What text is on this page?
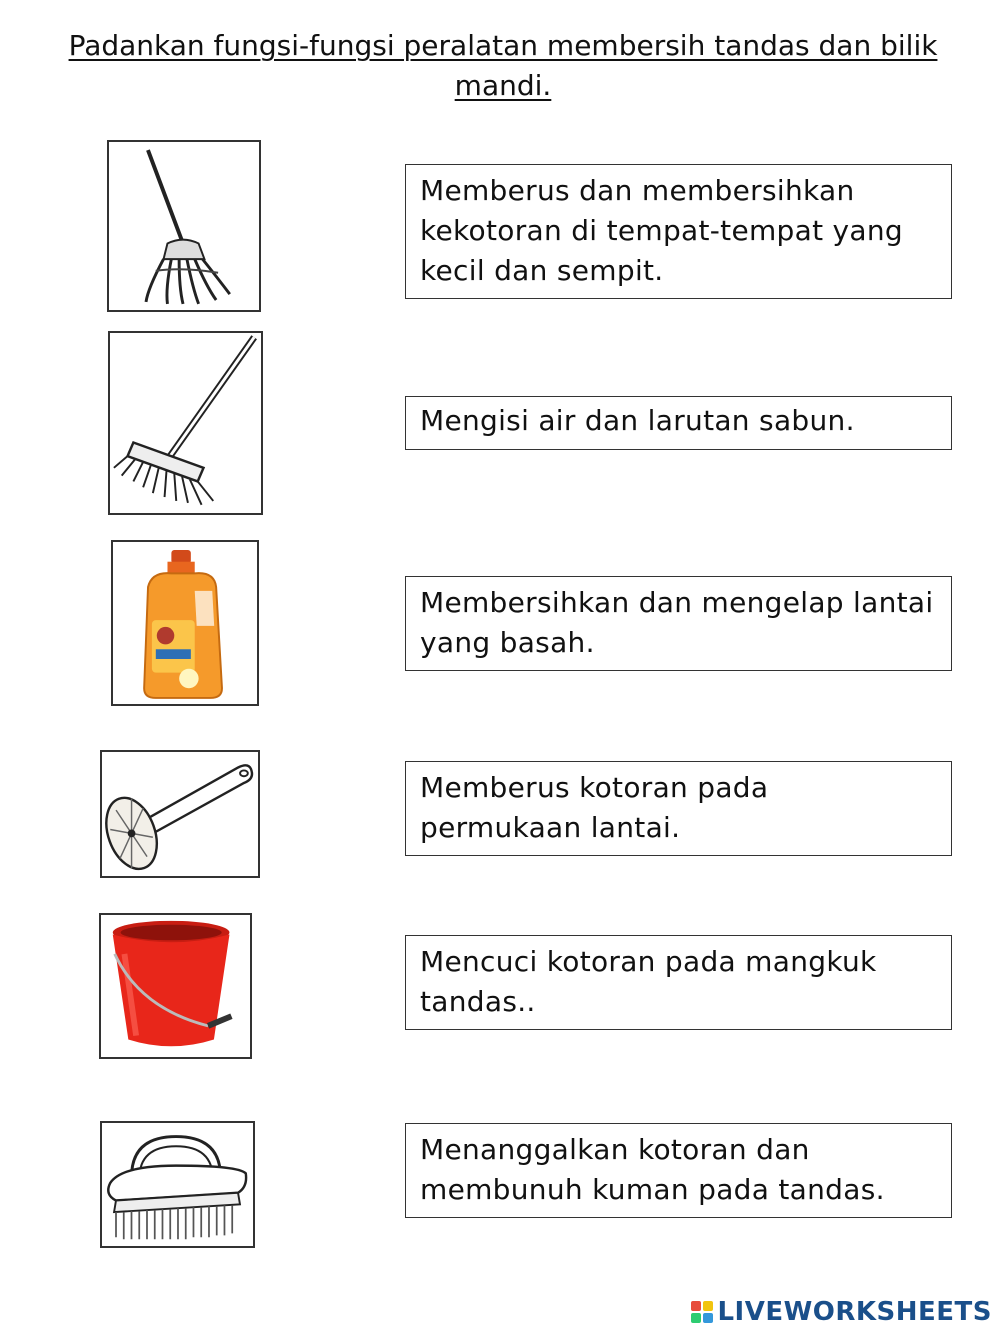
Padankan fungsi-fungsi peralatan membersih tandas dan bilik mandi.
Memberus dan membersihkan kekotoran di tempat-tempat yang kecil dan sempit.
Mengisi air dan larutan sabun.
Membersihkan dan mengelap lantai yang basah.
Memberus kotoran pada permukaan lantai.
Mencuci kotoran pada mangkuk tandas..
Menanggalkan kotoran dan membunuh kuman pada tandas.
LIVEWORKSHEETS
